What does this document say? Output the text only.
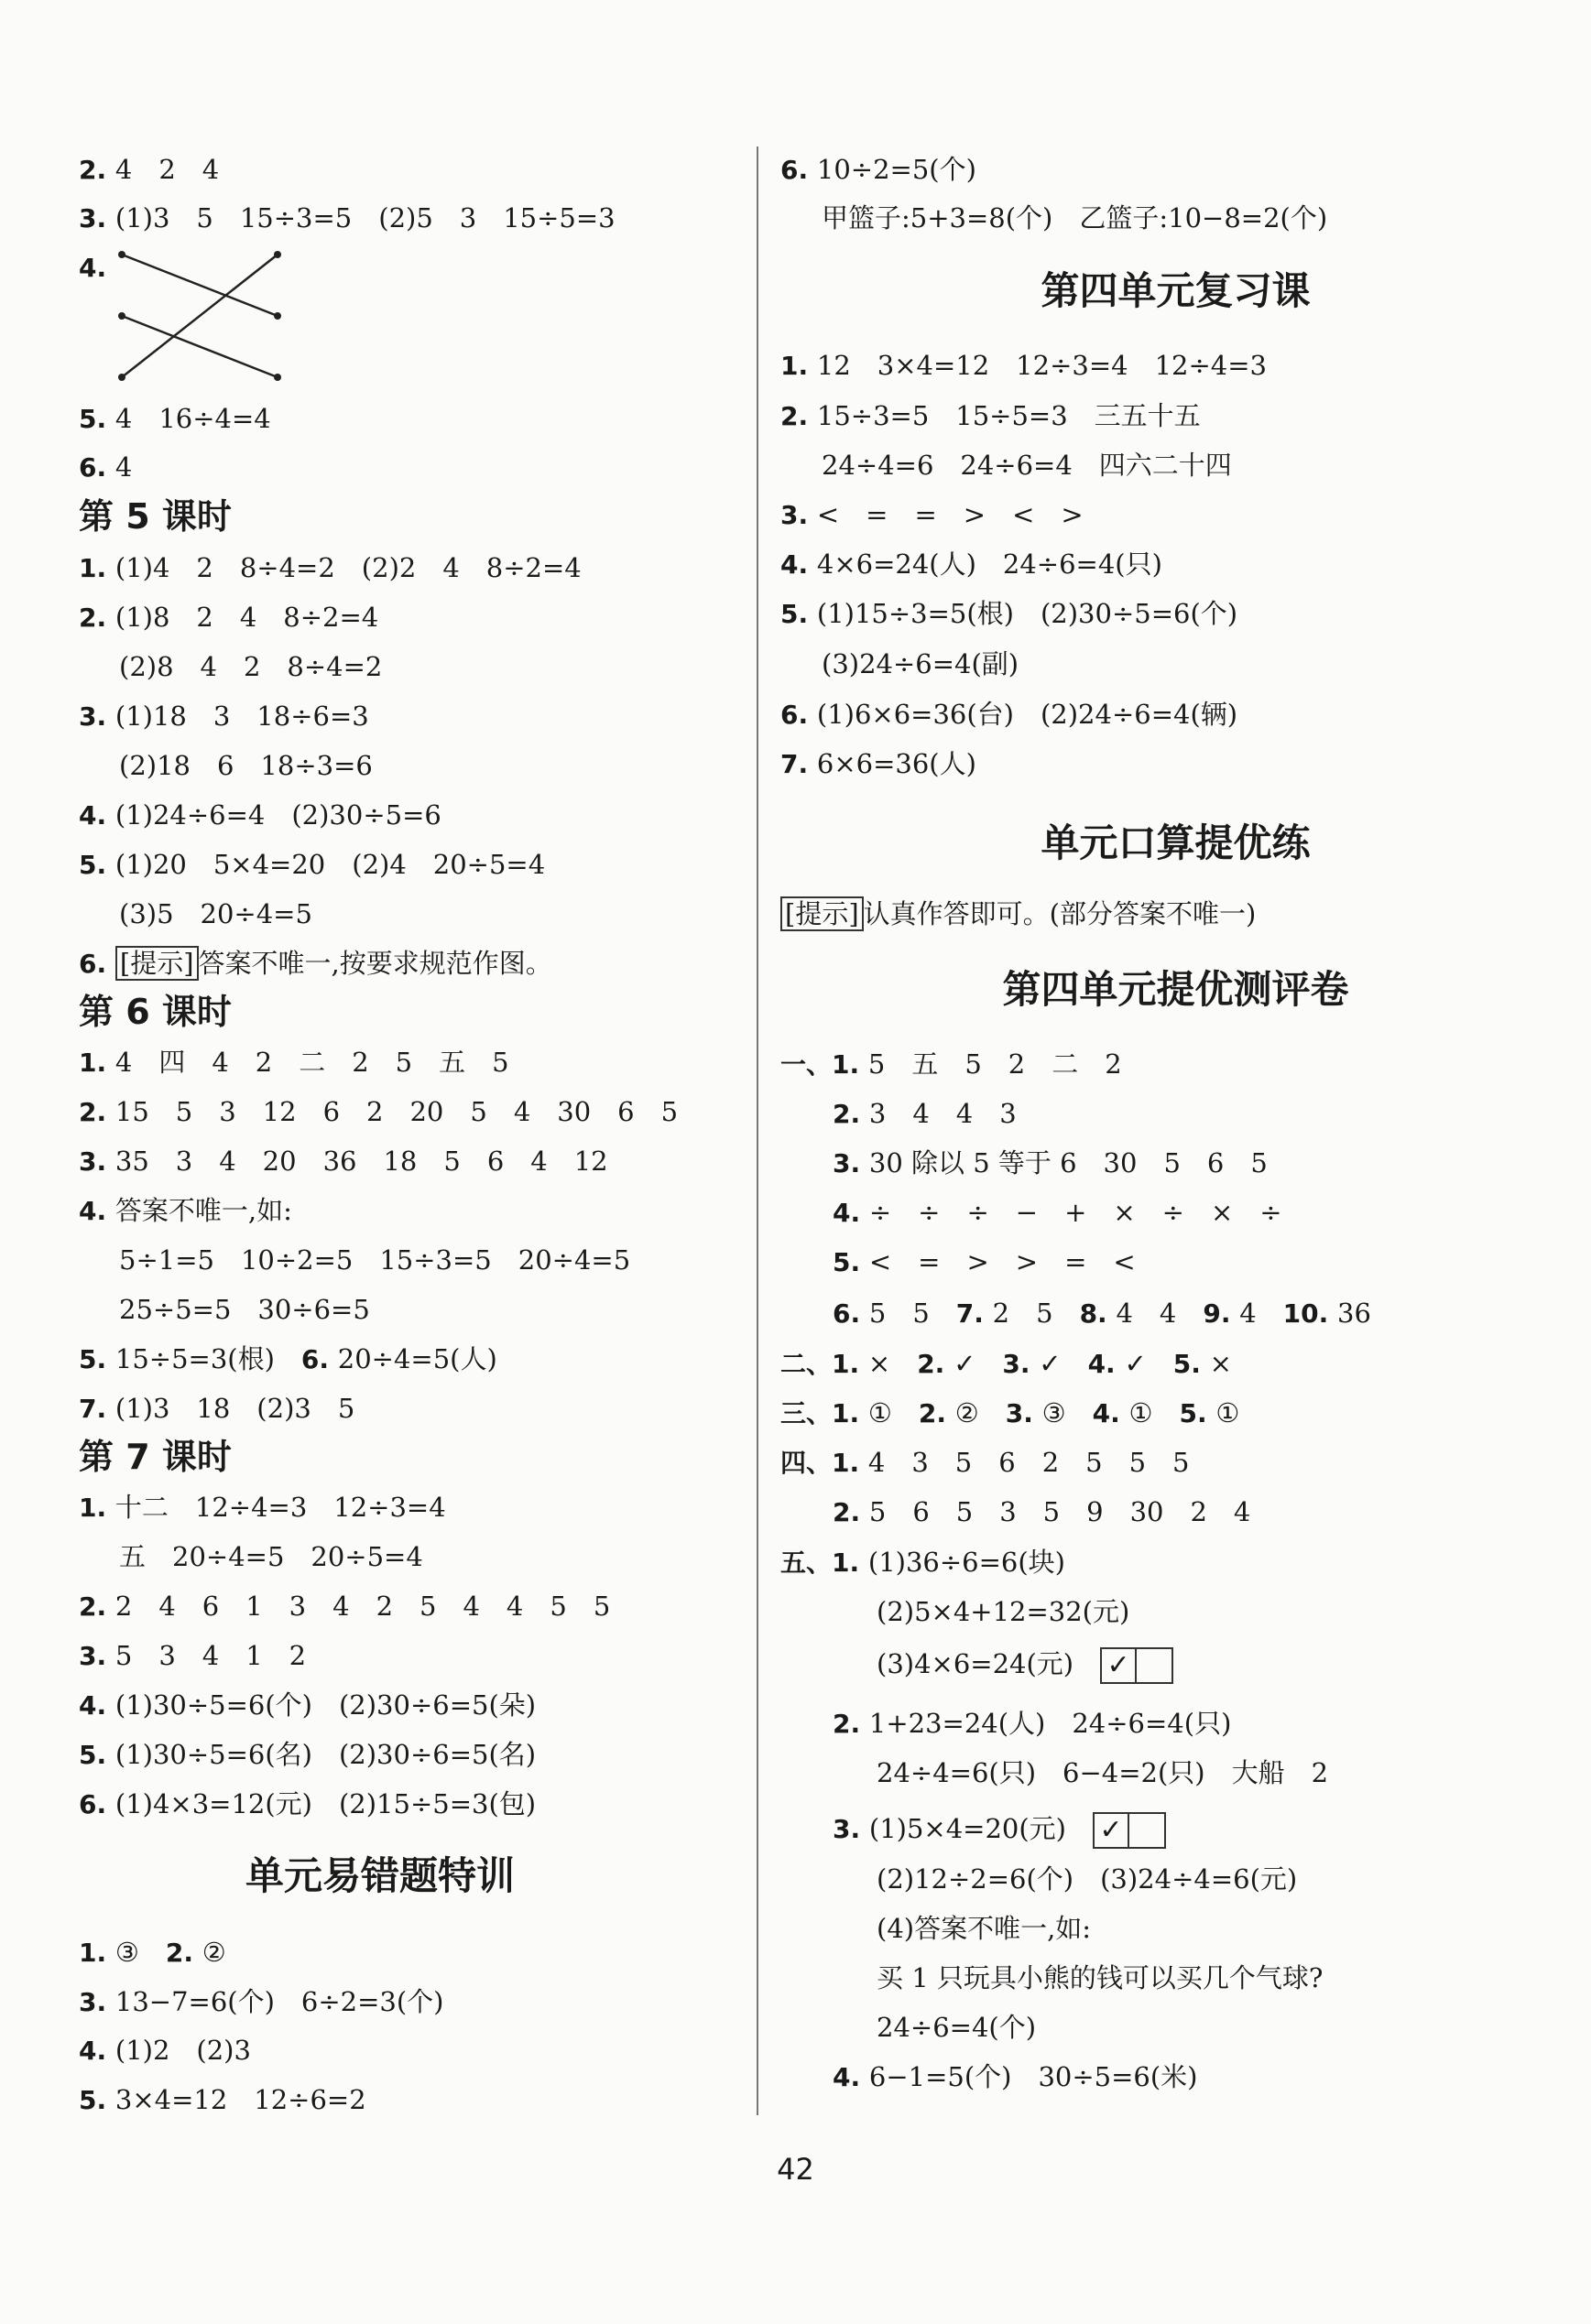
单元易错题特训
第四单元复习课
单元口算提优练
[提示] 认真作答即可。(部分答案不唯一)
第四单元提优测评卷
42
2. 4　2　4
3. (1)3　5　15÷3=5　(2)5　3　15÷5=3
4.
5. 4　16÷4=4
6. 4
第 5 课时
1. (1)4　2　8÷4=2　(2)2　4　8÷2=4
2. (1)8　2　4　8÷2=4
(2)8　4　2　8÷4=2
3. (1)18　3　18÷6=3
(2)18　6　18÷3=6
4. (1)24÷6=4　(2)30÷5=6
5. (1)20　5×4=20　(2)4　20÷5=4
(3)5　20÷4=5
6. [提示] 答案不唯一,按要求规范作图。
第 6 课时
1. 4　四　4　2　二　2　5　五　5
2. 15　5　3　12　6　2　20　5　4　30　6　5
3. 35　3　4　20　36　18　5　6　4　12
4. 答案不唯一,如:
5÷1=5　10÷2=5　15÷3=5　20÷4=5
25÷5=5　30÷6=5
5. 15÷5=3(根)　6. 20÷4=5(人)
7. (1)3　18　(2)3　5
第 7 课时
1. 十二　12÷4=3　12÷3=4
五　20÷4=5　20÷5=4
2. 2　4　6　1　3　4　2　5　4　4　5　5
3. 5　3　4　1　2
4. (1)30÷5=6(个)　(2)30÷6=5(朵)
5. (1)30÷5=6(名)　(2)30÷6=5(名)
6. (1)4×3=12(元)　(2)15÷5=3(包)
1. ③　2. ②
3. 13−7=6(个)　6÷2=3(个)
4. (1)2　(2)3
5. 3×4=12　12÷6=2
6. 10÷2=5(个)
甲篮子:5+3=8(个)　乙篮子:10−8=2(个)
1. 12　3×4=12　12÷3=4　12÷4=3
2. 15÷3=5　15÷5=3　三五十五
24÷4=6　24÷6=4　四六二十四
3. <　=　=　>　<　>
4. 4×6=24(人)　24÷6=4(只)
5. (1)15÷3=5(根)　(2)30÷5=6(个)
(3)24÷6=4(副)
6. (1)6×6=36(台)　(2)24÷6=4(辆)
7. 6×6=36(人)
一、1. 5　五　5　2　二　2
2. 3　4　4　3
3. 30 除以 5 等于 6　30　5　6　5
4. ÷　÷　÷　−　+　×　÷　×　÷
5. <　=　>　>　=　<
6. 5　5　7. 2　5　8. 4　4　9. 4　10. 36
二、1. ×　2. ✓　3. ✓　4. ✓　5. ×
三、1. ①　2. ②　3. ③　4. ①　5. ①
四、1. 4　3　5　6　2　5　5　5
2. 5　6　5　3　5　9　30　2　4
五、1. (1)36÷6=6(块)
(2)5×4+12=32(元)
(3)4×6=24(元)　 ✓
2. 1+23=24(人)　24÷6=4(只)
24÷4=6(只)　6−4=2(只)　大船　2
3. (1)5×4=20(元)　 ✓
(2)12÷2=6(个)　(3)24÷4=6(元)
(4)答案不唯一,如:
买 1 只玩具小熊的钱可以买几个气球?
24÷6=4(个)
4. 6−1=5(个)　30÷5=6(米)
